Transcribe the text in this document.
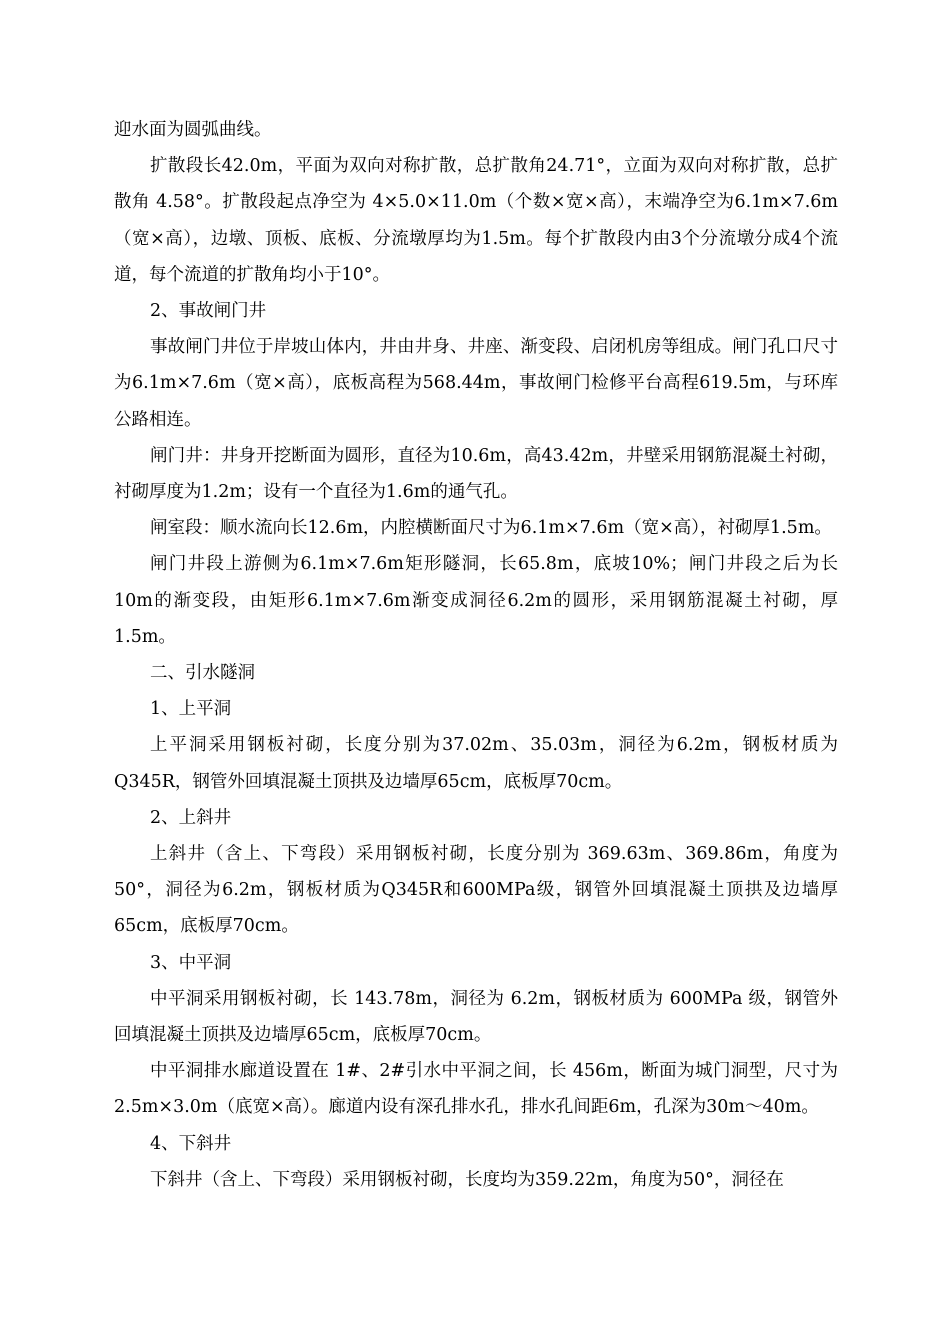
迎水面为圆弧曲线。

扩散段长42.0m，平面为双向对称扩散，总扩散角24.71°，立面为双向对称扩散，总扩散角 4.58°。扩散段起点净空为 4×5.0×11.0m（个数×宽×高），末端净空为6.1m×7.6m（宽×高），边墩、顶板、底板、分流墩厚均为1.5m。每个扩散段内由3个分流墩分成4个流道，每个流道的扩散角均小于10°。

2、事故闸门井

事故闸门井位于岸坡山体内，井由井身、井座、渐变段、启闭机房等组成。闸门孔口尺寸为6.1m×7.6m（宽×高），底板高程为568.44m，事故闸门检修平台高程619.5m，与环库公路相连。

闸门井：井身开挖断面为圆形，直径为10.6m，高43.42m，井壁采用钢筋混凝土衬砌，衬砌厚度为1.2m；设有一个直径为1.6m的通气孔。

闸室段：顺水流向长12.6m，内腔横断面尺寸为6.1m×7.6m（宽×高），衬砌厚1.5m。

闸门井段上游侧为6.1m×7.6m矩形隧洞，长65.8m，底坡10%；闸门井段之后为长10m的渐变段，由矩形6.1m×7.6m渐变成洞径6.2m的圆形，采用钢筋混凝土衬砌，厚1.5m。

二、引水隧洞

1、上平洞

上平洞采用钢板衬砌，长度分别为37.02m、35.03m，洞径为6.2m，钢板材质为Q345R，钢管外回填混凝土顶拱及边墙厚65cm，底板厚70cm。

2、上斜井

上斜井（含上、下弯段）采用钢板衬砌，长度分别为 369.63m、369.86m，角度为50°，洞径为6.2m，钢板材质为Q345R和600MPa级，钢管外回填混凝土顶拱及边墙厚65cm，底板厚70cm。

3、中平洞

中平洞采用钢板衬砌，长 143.78m，洞径为 6.2m，钢板材质为 600MPa 级，钢管外回填混凝土顶拱及边墙厚65cm，底板厚70cm。

中平洞排水廊道设置在 1#、2#引水中平洞之间，长 456m，断面为城门洞型，尺寸为2.5m×3.0m（底宽×高）。廊道内设有深孔排水孔，排水孔间距6m，孔深为30m～40m。

4、下斜井

下斜井（含上、下弯段）采用钢板衬砌，长度均为359.22m，角度为50°，洞径在
